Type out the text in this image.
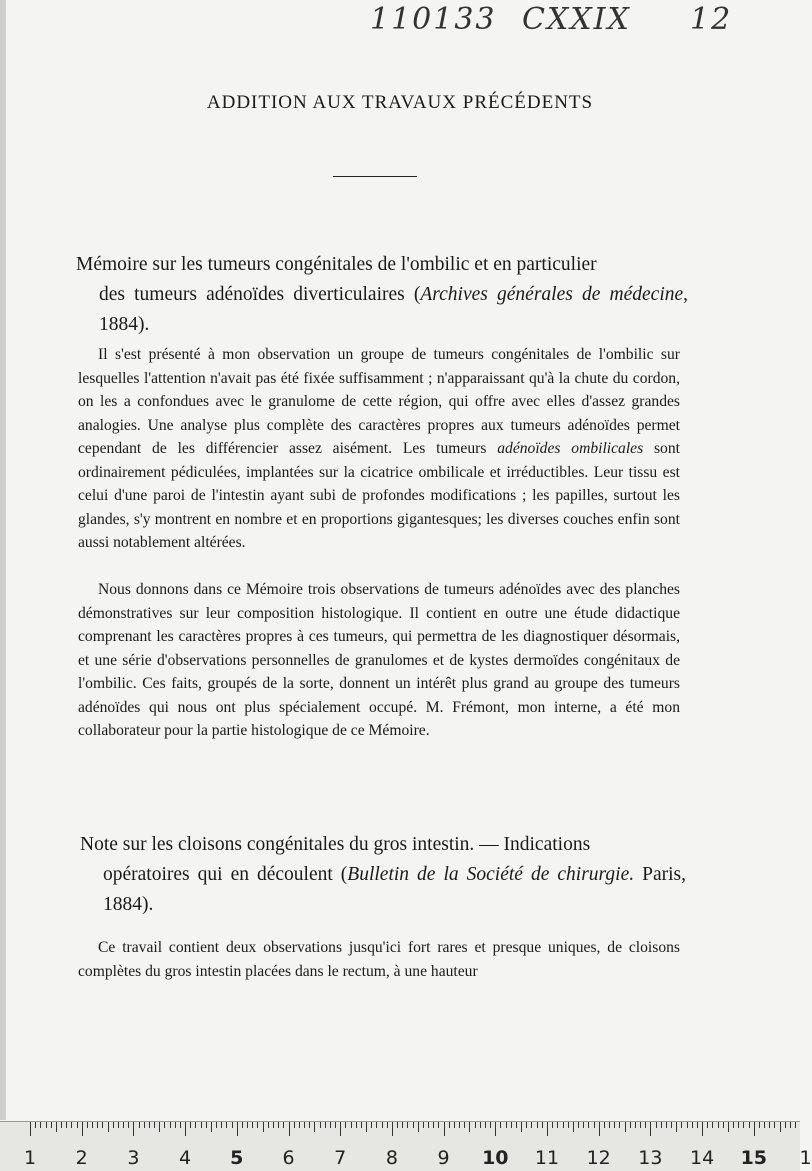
110133 CXXIX 12
ADDITION AUX TRAVAUX PRÉCÉDENTS
Mémoire sur les tumeurs congénitales de l'ombilic et en particulier
des tumeurs adénoïdes diverticulaires (Archives générales de médecine, 1884).

Il s'est présenté à mon observation un groupe de tumeurs congénitales de l'ombilic sur lesquelles l'attention n'avait pas été fixée suffisamment ; n'apparaissant qu'à la chute du cordon, on les a confondues avec le granulome de cette région, qui offre avec elles d'assez grandes analogies. Une analyse plus complète des caractères propres aux tumeurs adénoïdes permet cependant de les différencier assez aisément. Les tumeurs adénoïdes ombilicales sont ordinairement pédiculées, implantées sur la cicatrice ombilicale et irréductibles. Leur tissu est celui d'une paroi de l'intestin ayant subi de profondes modifications ; les papilles, surtout les glandes, s'y montrent en nombre et en proportions gigantesques; les diverses couches enfin sont aussi notablement altérées.

Nous donnons dans ce Mémoire trois observations de tumeurs adénoïdes avec des planches démonstratives sur leur composition histologique. Il contient en outre une étude didactique comprenant les caractères propres à ces tumeurs, qui permettra de les diagnostiquer désormais, et une série d'observations personnelles de granulomes et de kystes dermoïdes congénitaux de l'ombilic. Ces faits, groupés de la sorte, donnent un intérêt plus grand au groupe des tumeurs adénoïdes qui nous ont plus spécialement occupé. M. Frémont, mon interne, a été mon collaborateur pour la partie histologique de ce Mémoire.

Note sur les cloisons congénitales du gros intestin. — Indications
opératoires qui en découlent (Bulletin de la Société de chirurgie. Paris, 1884).

Ce travail contient deux observations jusqu'ici fort rares et presque uniques, de cloisons complètes du gros intestin placées dans le rectum, à une hauteur

1 2 3 4 5 6 7 8 9 10 11 12 13 14 15 1
